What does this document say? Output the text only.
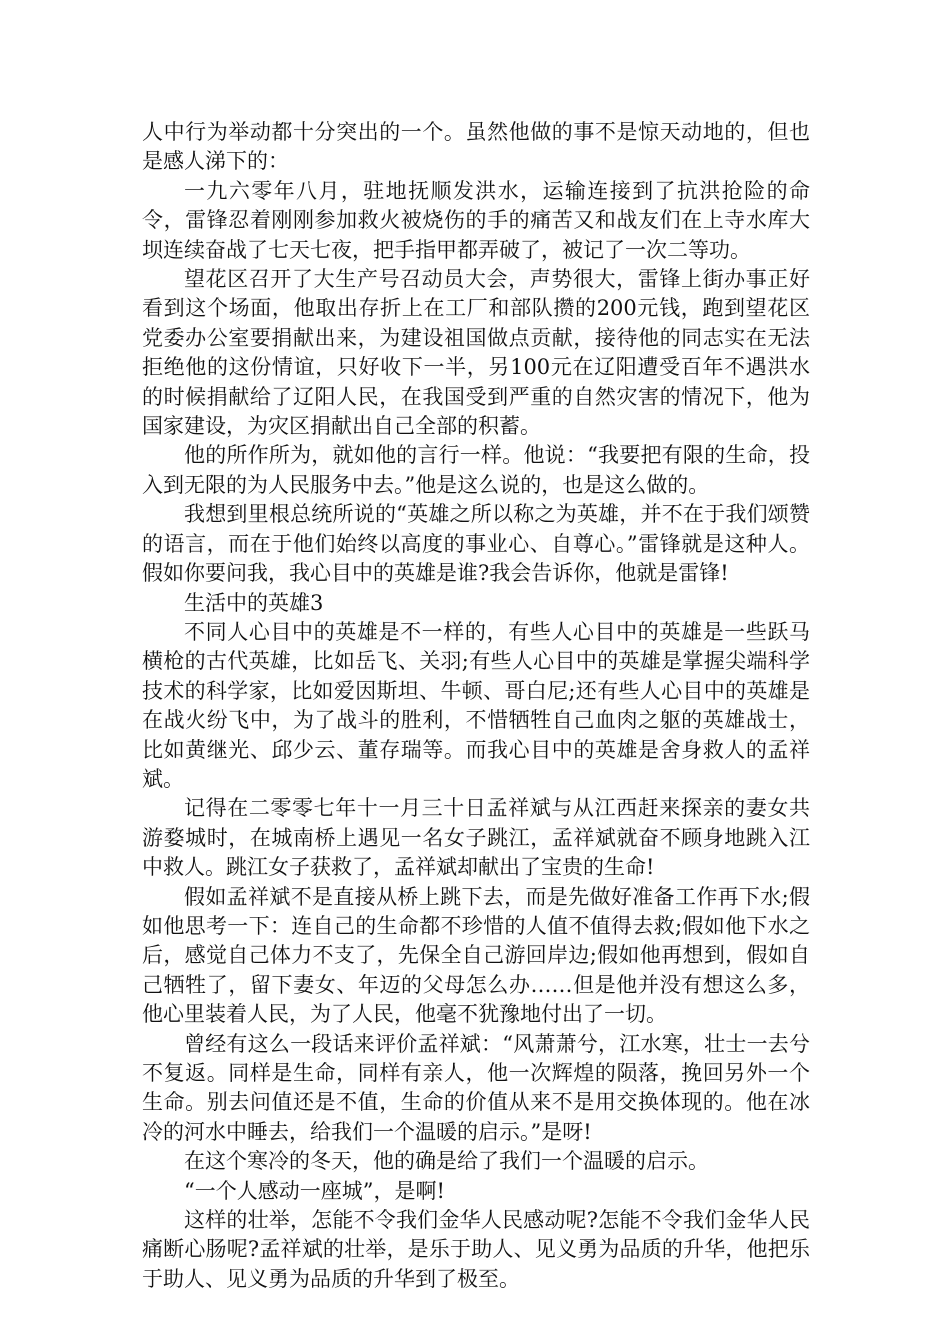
人中行为举动都十分突出的一个。虽然他做的事不是惊天动地的，但也是感人涕下的：

一九六零年八月，驻地抚顺发洪水，运输连接到了抗洪抢险的命令，雷锋忍着刚刚参加救火被烧伤的手的痛苦又和战友们在上寺水库大坝连续奋战了七天七夜，把手指甲都弄破了，被记了一次二等功。

望花区召开了大生产号召动员大会，声势很大，雷锋上街办事正好看到这个场面，他取出存折上在工厂和部队攒的200元钱，跑到望花区党委办公室要捐献出来，为建设祖国做点贡献，接待他的同志实在无法拒绝他的这份情谊，只好收下一半，另100元在辽阳遭受百年不遇洪水的时候捐献给了辽阳人民，在我国受到严重的自然灾害的情况下，他为国家建设，为灾区捐献出自己全部的积蓄。

他的所作所为，就如他的言行一样。他说：“我要把有限的生命，投入到无限的为人民服务中去。”他是这么说的，也是这么做的。

我想到里根总统所说的“英雄之所以称之为英雄，并不在于我们颂赞的语言，而在于他们始终以高度的事业心、自尊心。”雷锋就是这种人。假如你要问我，我心目中的英雄是谁?我会告诉你，他就是雷锋!

生活中的英雄3

不同人心目中的英雄是不一样的，有些人心目中的英雄是一些跃马横枪的古代英雄，比如岳飞、关羽;有些人心目中的英雄是掌握尖端科学技术的科学家，比如爱因斯坦、牛顿、哥白尼;还有些人心目中的英雄是在战火纷飞中，为了战斗的胜利，不惜牺牲自己血肉之躯的英雄战士，比如黄继光、邱少云、董存瑞等。而我心目中的英雄是舍身救人的孟祥斌。

记得在二零零七年十一月三十日孟祥斌与从江西赶来探亲的妻女共游婺城时，在城南桥上遇见一名女子跳江，孟祥斌就奋不顾身地跳入江中救人。跳江女子获救了，孟祥斌却献出了宝贵的生命!

假如孟祥斌不是直接从桥上跳下去，而是先做好准备工作再下水;假如他思考一下：连自己的生命都不珍惜的人值不值得去救;假如他下水之后，感觉自己体力不支了，先保全自己游回岸边;假如他再想到，假如自己牺牲了，留下妻女、年迈的父母怎么办……但是他并没有想这么多，他心里装着人民，为了人民，他毫不犹豫地付出了一切。

曾经有这么一段话来评价孟祥斌：“风萧萧兮，江水寒，壮士一去兮不复返。同样是生命，同样有亲人，他一次辉煌的陨落，挽回另外一个生命。别去问值还是不值，生命的价值从来不是用交换体现的。他在冰冷的河水中睡去，给我们一个温暖的启示。”是呀!

在这个寒冷的冬天，他的确是给了我们一个温暖的启示。

“一个人感动一座城”，是啊!

这样的壮举，怎能不令我们金华人民感动呢?怎能不令我们金华人民痛断心肠呢?孟祥斌的壮举，是乐于助人、见义勇为品质的升华，他把乐于助人、见义勇为品质的升华到了极至。
